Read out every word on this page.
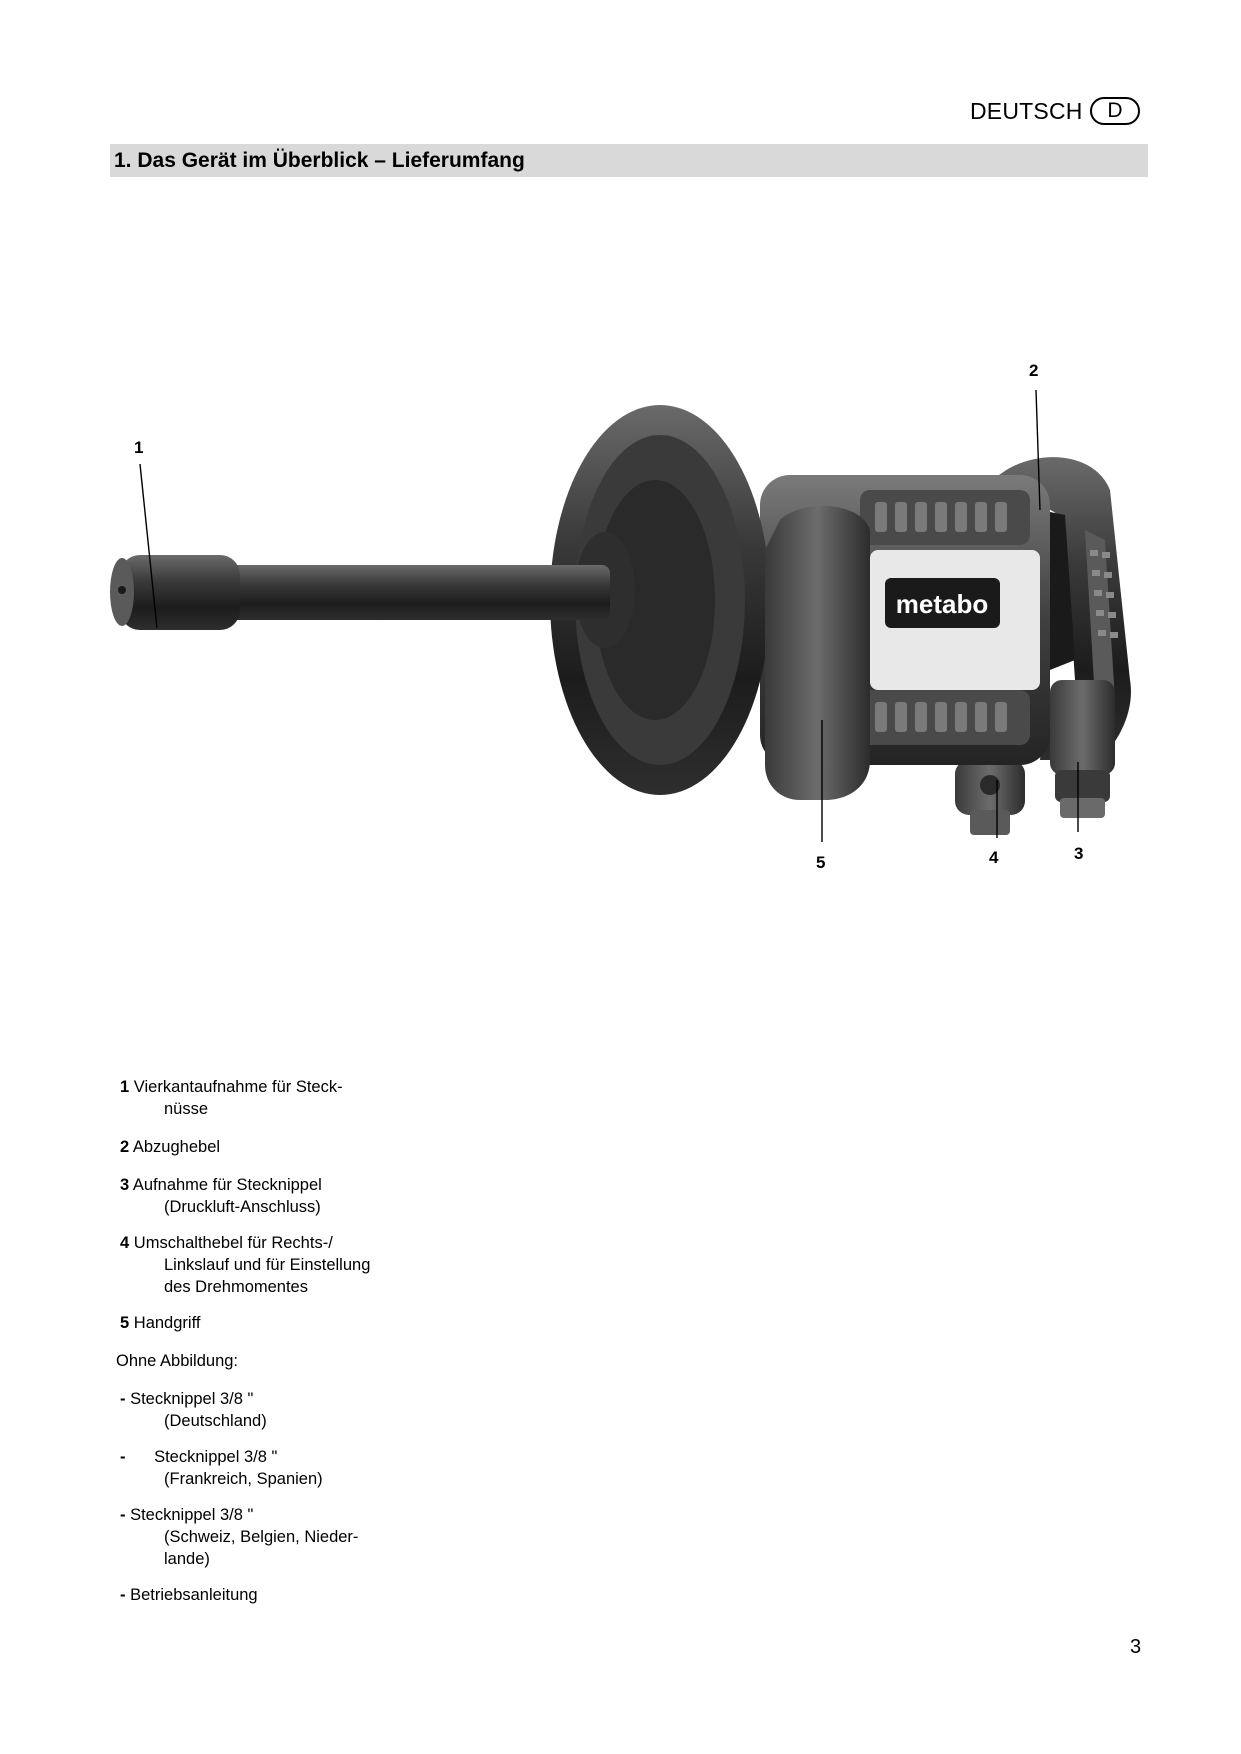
DEUTSCH	D
1. Das Gerät im Überblick – Lieferumfang
metabo
1
2
3
4
5
1 Vierkantaufnahme für Steck-
nüsse
2 Abzughebel
3 Aufnahme für Stecknippel
(Druckluft-Anschluss)
4 Umschalthebel für Rechts-/
Linkslauf und für Einstellung
des Drehmomentes
5 Handgriff
Ohne Abbildung:
- Stecknippel 3/8 "
(Deutschland)
- Stecknippel 3/8 "
(Frankreich, Spanien)
- Stecknippel 3/8 "
(Schweiz, Belgien, Nieder-
lande)
- Betriebsanleitung
3
